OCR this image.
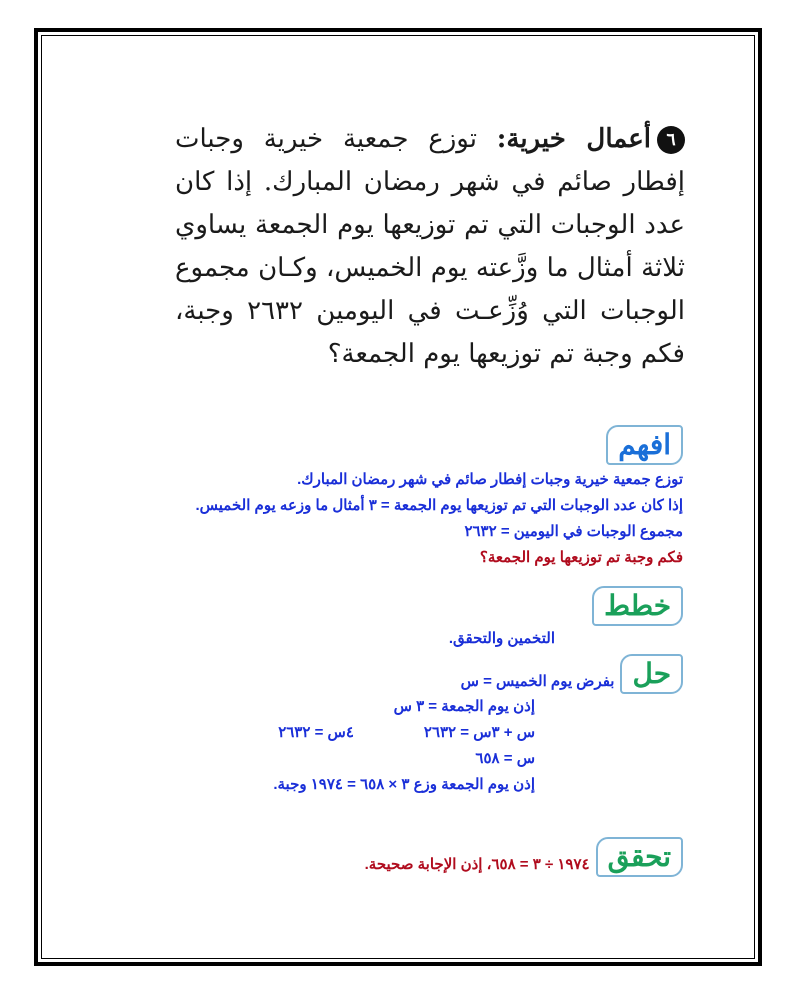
٦أعمال خيرية: توزع جمعية خيرية وجبات إفطار صائم في شهر رمضان المبارك. إذا كان عدد الوجبات التي تم توزيعها يوم الجمعة يساوي ثلاثة أمثال ما وزَّعته يوم الخميس، وكـان مجموع الوجبات التي وُزِّعـت في اليومين ٢٦٣٢ وجبة، فكم وجبة تم توزيعها يوم الجمعة؟

افهم
توزع جمعية خيرية وجبات إفطار صائم في شهر رمضان المبارك.
إذا كان عدد الوجبات التي تم توزيعها يوم الجمعة = ٣ أمثال ما وزعه يوم الخميس.
مجموع الوجبات في اليومين = ٢٦٣٢
فكم وجبة تم توزيعها يوم الجمعة؟
خطط
التخمين والتحقق.
حل
بفرض يوم الخميس = س
إذن يوم الجمعة = ٣ س
س + ٣س = ٢٦٣٢
٤س = ٢٦٣٢
س = ٦٥٨
إذن يوم الجمعة وزع ٣ × ٦٥٨ = ١٩٧٤ وجبة.
تحقق
١٩٧٤ ÷ ٣ = ٦٥٨، إذن الإجابة صحيحة.
